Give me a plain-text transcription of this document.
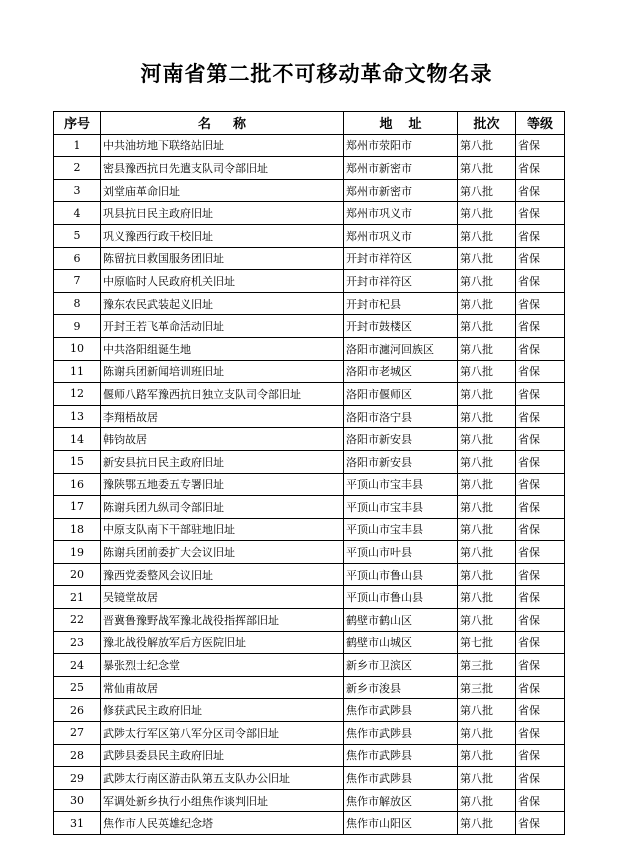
河南省第二批不可移动革命文物名录
序号	名称	地址	批次	等级
1	中共油坊地下联络站旧址	郑州市荥阳市	第八批	省保
2	密县豫西抗日先遣支队司令部旧址	郑州市新密市	第八批	省保
3	刘堂庙革命旧址	郑州市新密市	第八批	省保
4	巩县抗日民主政府旧址	郑州市巩义市	第八批	省保
5	巩义豫西行政干校旧址	郑州市巩义市	第八批	省保
6	陈留抗日救国服务团旧址	开封市祥符区	第八批	省保
7	中原临时人民政府机关旧址	开封市祥符区	第八批	省保
8	豫东农民武装起义旧址	开封市杞县	第八批	省保
9	开封王若飞革命活动旧址	开封市鼓楼区	第八批	省保
10	中共洛阳组诞生地	洛阳市瀍河回族区	第八批	省保
11	陈谢兵团新闻培训班旧址	洛阳市老城区	第八批	省保
12	偃师八路军豫西抗日独立支队司令部旧址	洛阳市偃师区	第八批	省保
13	李翔梧故居	洛阳市洛宁县	第八批	省保
14	韩钧故居	洛阳市新安县	第八批	省保
15	新安县抗日民主政府旧址	洛阳市新安县	第八批	省保
16	豫陕鄂五地委五专署旧址	平顶山市宝丰县	第八批	省保
17	陈谢兵团九纵司令部旧址	平顶山市宝丰县	第八批	省保
18	中原支队南下干部驻地旧址	平顶山市宝丰县	第八批	省保
19	陈谢兵团前委扩大会议旧址	平顶山市叶县	第八批	省保
20	豫西党委整风会议旧址	平顶山市鲁山县	第八批	省保
21	吴镜堂故居	平顶山市鲁山县	第八批	省保
22	晋冀鲁豫野战军豫北战役指挥部旧址	鹤壁市鹤山区	第八批	省保
23	豫北战役解放军后方医院旧址	鹤壁市山城区	第七批	省保
24	暴张烈士纪念堂	新乡市卫滨区	第三批	省保
25	常仙甫故居	新乡市浚县	第三批	省保
26	修获武民主政府旧址	焦作市武陟县	第八批	省保
27	武陟太行军区第八军分区司令部旧址	焦作市武陟县	第八批	省保
28	武陟县委县民主政府旧址	焦作市武陟县	第八批	省保
29	武陟太行南区游击队第五支队办公旧址	焦作市武陟县	第八批	省保
30	军调处新乡执行小组焦作谈判旧址	焦作市解放区	第八批	省保
31	焦作市人民英雄纪念塔	焦作市山阳区	第八批	省保
